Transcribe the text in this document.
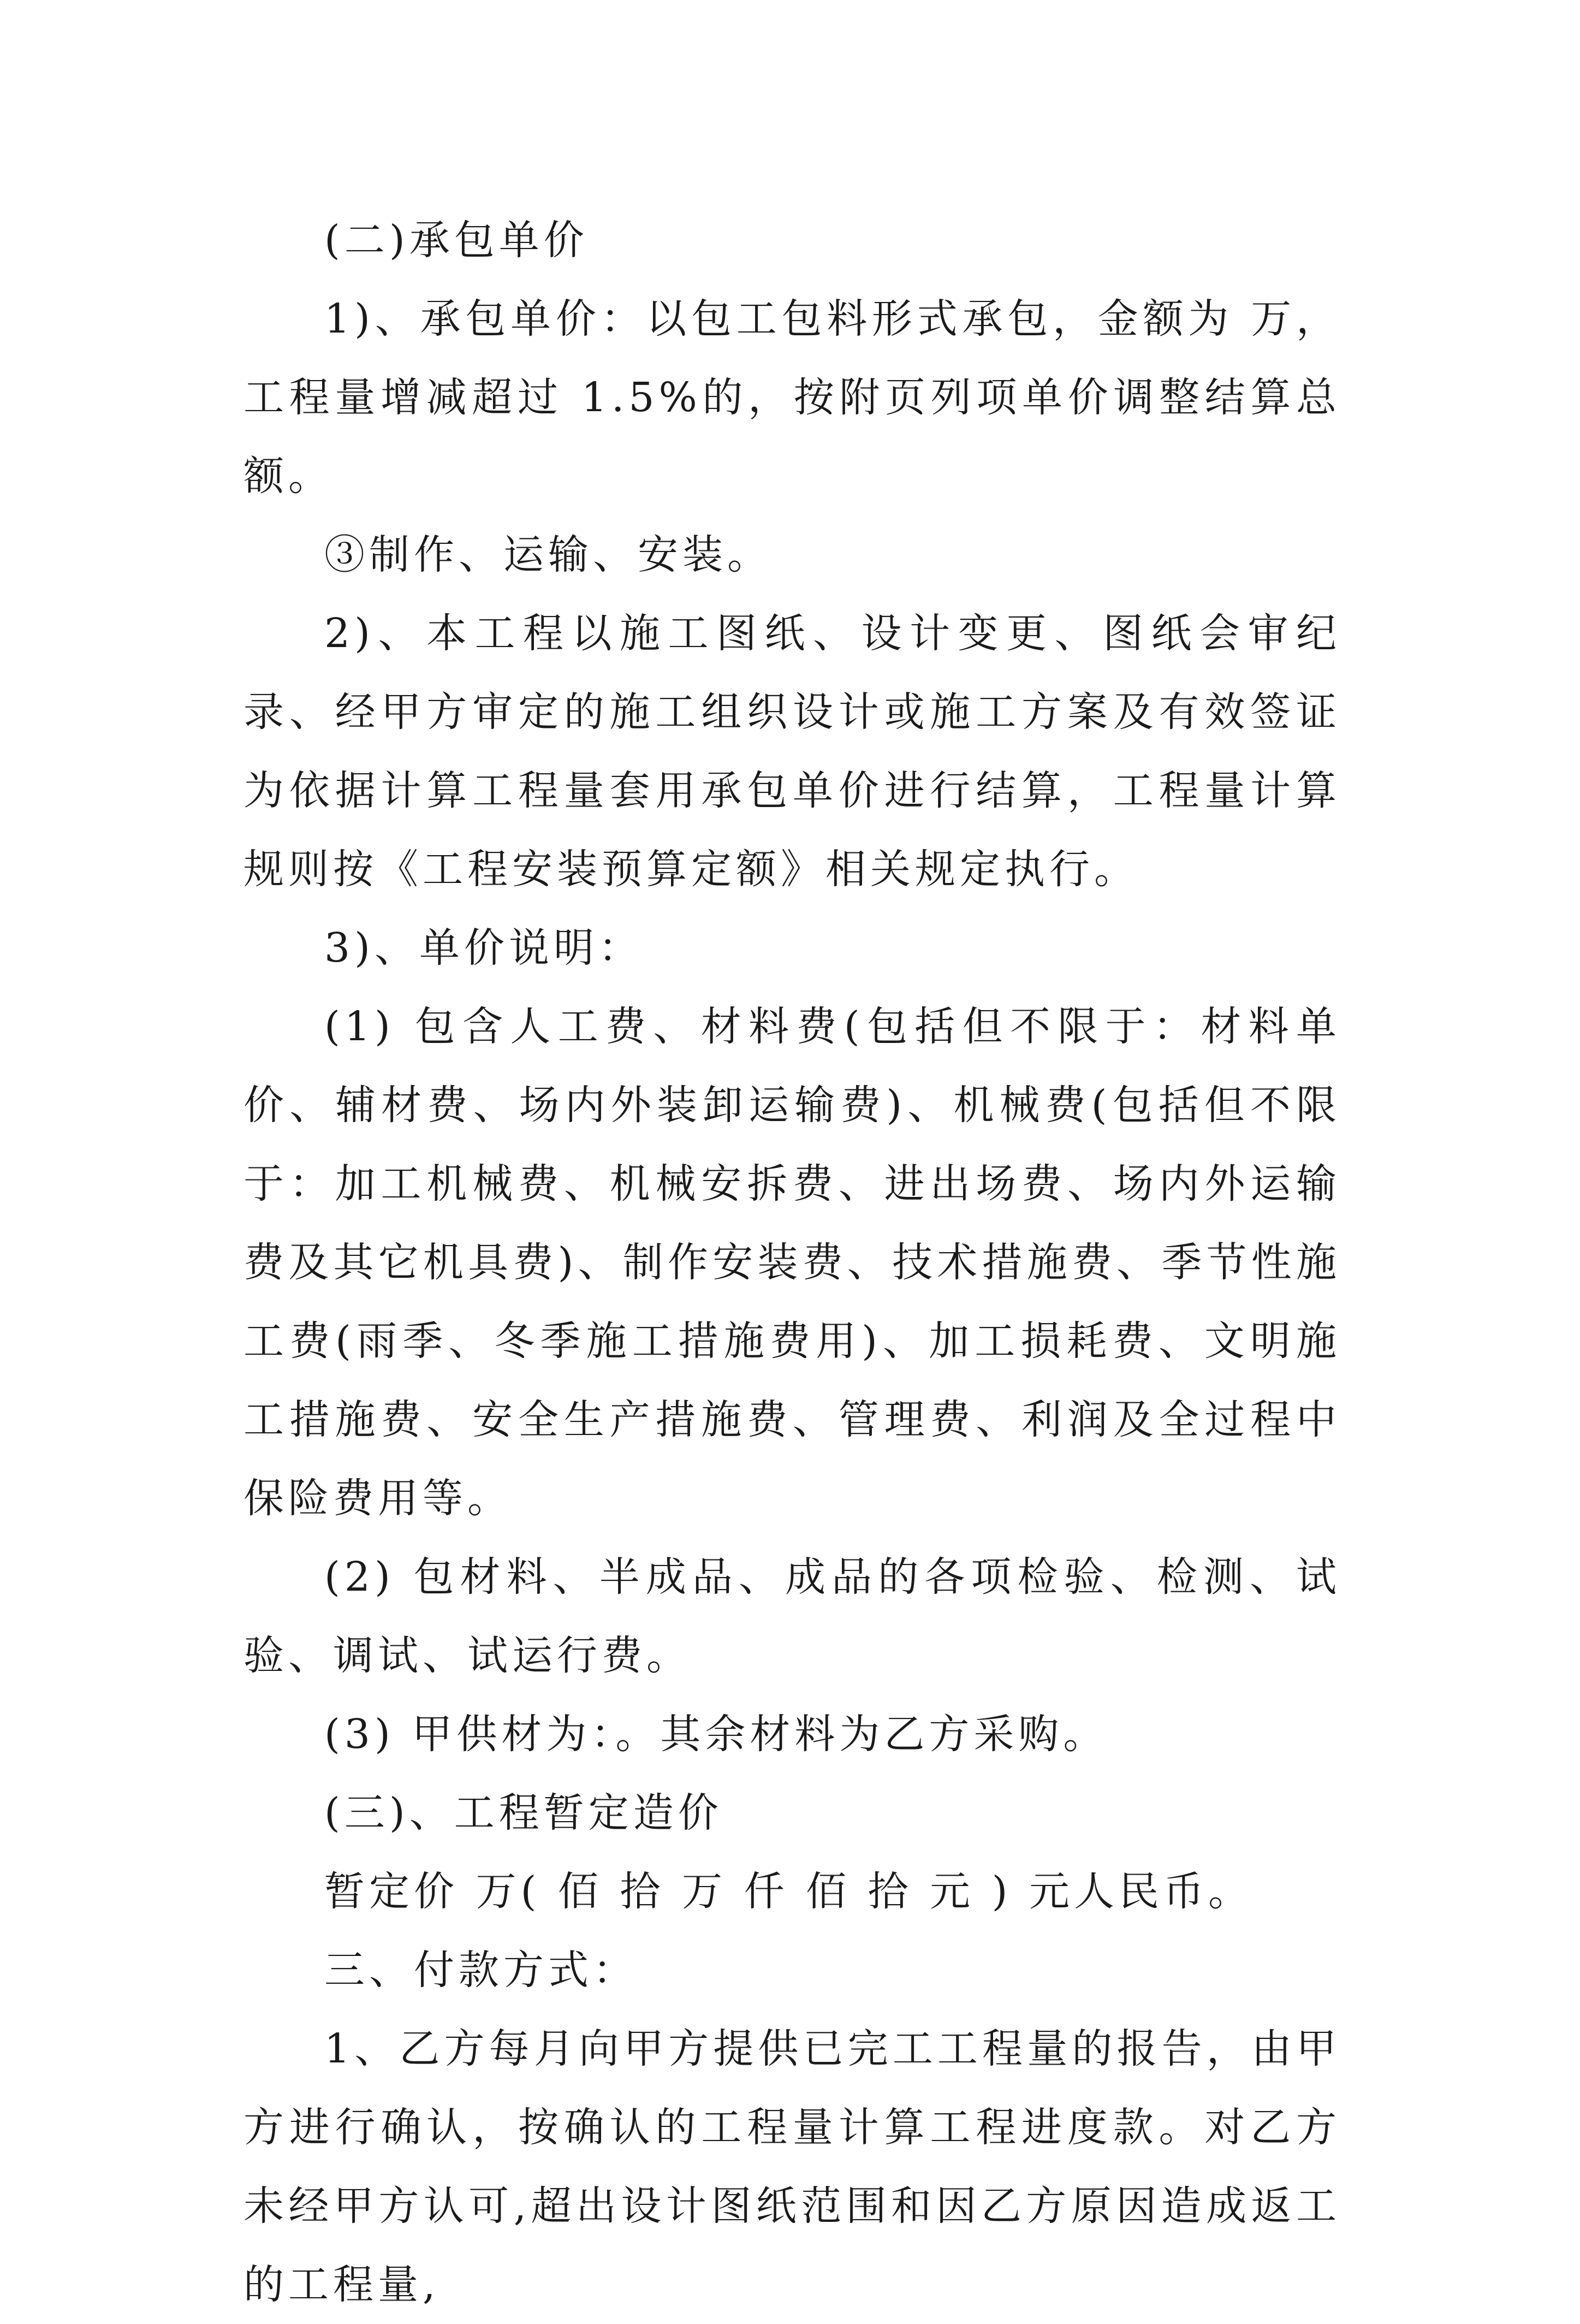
(二)承包单价

1)、承包单价：以包工包料形式承包，金额为 万，工程量增减超过 1.5%的，按附页列项单价调整结算总额。

③制作、运输、安装。

2)、本工程以施工图纸、设计变更、图纸会审纪录、经甲方审定的施工组织设计或施工方案及有效签证为依据计算工程量套用承包单价进行结算，工程量计算规则按《工程安装预算定额》相关规定执行。

3)、单价说明：

(1) 包含人工费、材料费(包括但不限于：材料单价、辅材费、场内外装卸运输费)、机械费(包括但不限于：加工机械费、机械安拆费、进出场费、场内外运输费及其它机具费)、制作安装费、技术措施费、季节性施工费(雨季、冬季施工措施费用)、加工损耗费、文明施工措施费、安全生产措施费、管理费、利润及全过程中保险费用等。

(2) 包材料、半成品、成品的各项检验、检测、试验、调试、试运行费。

(3) 甲供材为：。其余材料为乙方采购。

(三)、工程暂定造价

暂定价 万( 佰 拾 万 仟 佰 拾 元 ) 元人民币。

三、付款方式：

1、乙方每月向甲方提供已完工工程量的报告，由甲方进行确认，按确认的工程量计算工程进度款。对乙方未经甲方认可,超出设计图纸范围和因乙方原因造成返工的工程量,
